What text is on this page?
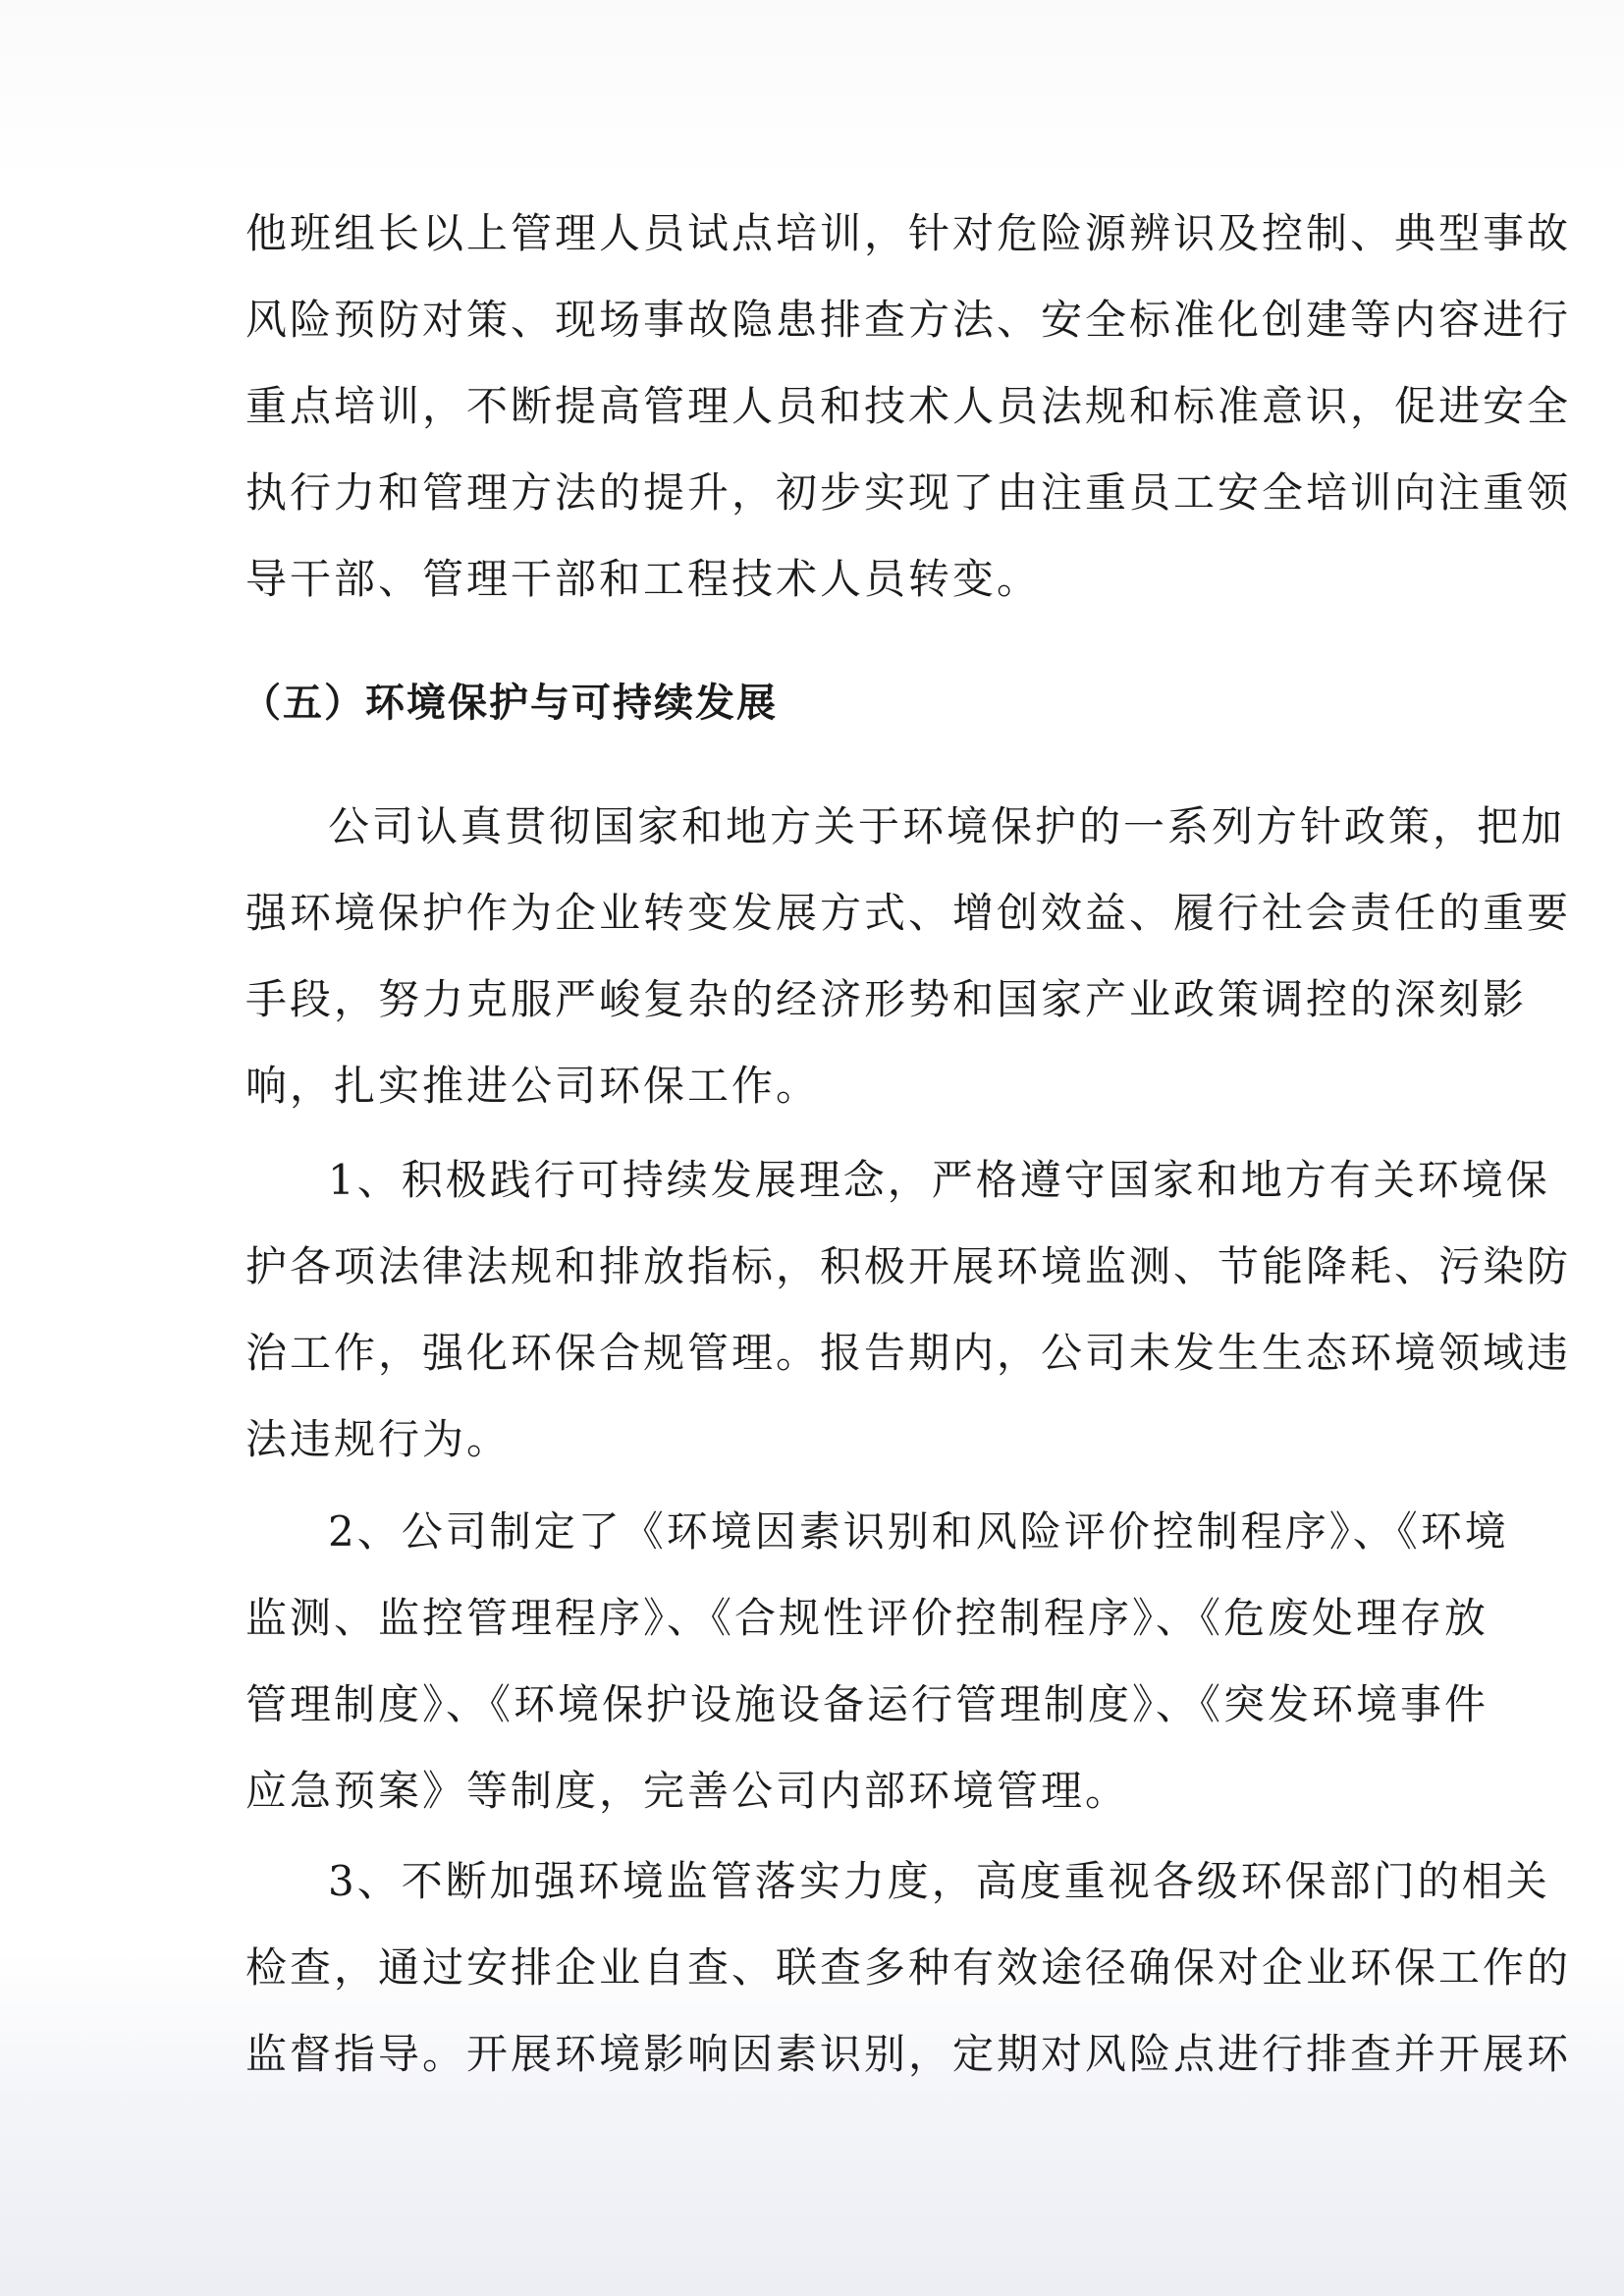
他班组长以上管理人员试点培训，针对危险源辨识及控制、典型事故
风险预防对策、现场事故隐患排查方法、安全标准化创建等内容进行
重点培训，不断提高管理人员和技术人员法规和标准意识，促进安全
执行力和管理方法的提升，初步实现了由注重员工安全培训向注重领
导干部、管理干部和工程技术人员转变。
（五）环境保护与可持续发展
公司认真贯彻国家和地方关于环境保护的一系列方针政策，把加
强环境保护作为企业转变发展方式、增创效益、履行社会责任的重要
手段，努力克服严峻复杂的经济形势和国家产业政策调控的深刻影
响，扎实推进公司环保工作。
1、积极践行可持续发展理念，严格遵守国家和地方有关环境保
护各项法律法规和排放指标，积极开展环境监测、节能降耗、污染防
治工作，强化环保合规管理。报告期内，公司未发生生态环境领域违
法违规行为。
2、公司制定了《环境因素识别和风险评价控制程序》、《环境
监测、监控管理程序》、《合规性评价控制程序》、《危废处理存放
管理制度》、《环境保护设施设备运行管理制度》、《突发环境事件
应急预案》等制度，完善公司内部环境管理。
3、不断加强环境监管落实力度，高度重视各级环保部门的相关
检查，通过安排企业自查、联查多种有效途径确保对企业环保工作的
监督指导。开展环境影响因素识别，定期对风险点进行排查并开展环
